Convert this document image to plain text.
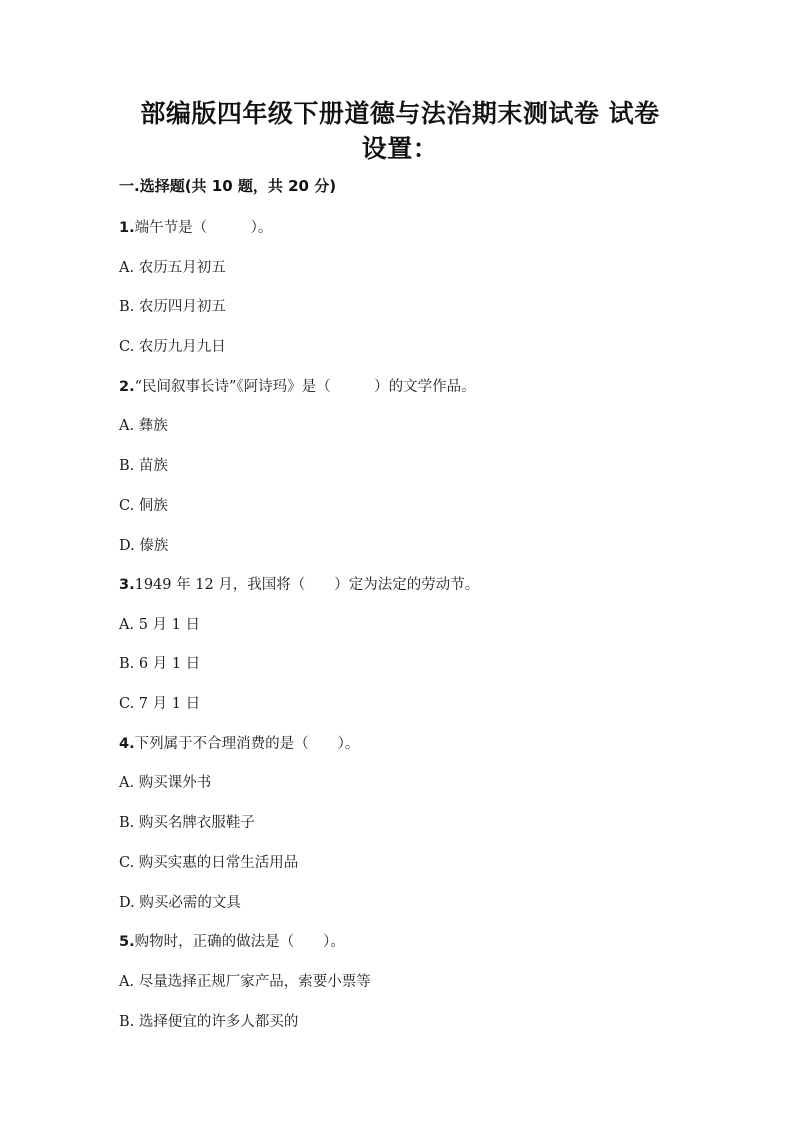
部编版四年级下册道德与法治期末测试卷 试卷设置：
一.选择题(共 10 题，共 20 分)
1.端午节是（　　　）。
A. 农历五月初五
B. 农历四月初五
C. 农历九月九日
2.“民间叙事长诗”《阿诗玛》是（　　　）的文学作品。
A. 彝族
B. 苗族
C. 侗族
D. 傣族
3.1949 年 12 月，我国将（　　）定为法定的劳动节。
A. 5 月 1 日
B. 6 月 1 日
C. 7 月 1 日
4.下列属于不合理消费的是（　　）。
A. 购买课外书
B. 购买名牌衣服鞋子
C. 购买实惠的日常生活用品
D. 购买必需的文具
5.购物时，正确的做法是（　　）。
A. 尽量选择正规厂家产品，索要小票等
B. 选择便宜的许多人都买的
